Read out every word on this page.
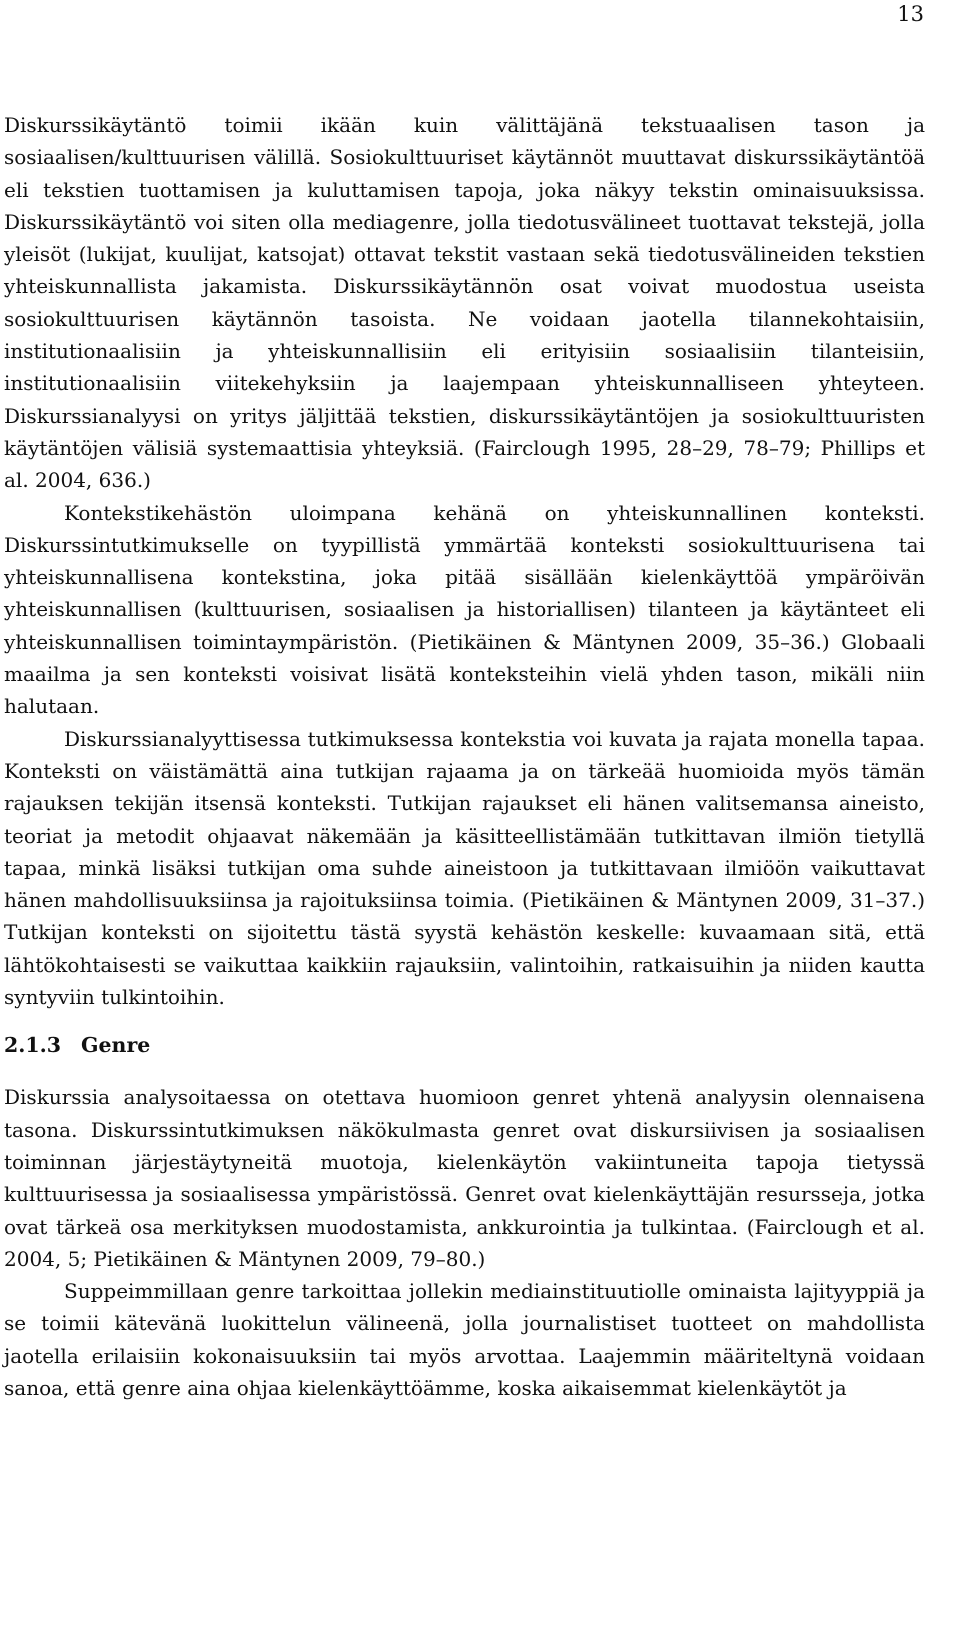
13

Diskurssikäytäntö toimii ikään kuin välittäjänä tekstuaalisen tason ja sosiaalisen/kulttuurisen välillä. Sosiokulttuuriset käytännöt muuttavat diskurssikäytäntöä eli tekstien tuottamisen ja kuluttamisen tapoja, joka näkyy tekstin ominaisuuksissa. Diskurssikäytäntö voi siten olla mediagenre, jolla tiedotusvälineet tuottavat tekstejä, jolla yleisöt (lukijat, kuulijat, katsojat) ottavat tekstit vastaan sekä tiedotusvälineiden tekstien yhteiskunnallista jakamista. Diskurssikäytännön osat voivat muodostua useista sosiokulttuurisen käytännön tasoista. Ne voidaan jaotella tilannekohtaisiin, institutionaalisiin ja yhteiskunnallisiin eli erityisiin sosiaalisiin tilanteisiin, institutionaalisiin viitekehyksiin ja laajempaan yhteiskunnalliseen yhteyteen. Diskurssianalyysi on yritys jäljittää tekstien, diskurssikäytäntöjen ja sosiokulttuuristen käytäntöjen välisiä systemaattisia yhteyksiä. (Fairclough 1995, 28–29, 78–79; Phillips et al. 2004, 636.)

Kontekstikehästön uloimpana kehänä on yhteiskunnallinen konteksti. Diskurssintutkimukselle on tyypillistä ymmärtää konteksti sosiokulttuurisena tai yhteiskunnallisena kontekstina, joka pitää sisällään kielenkäyttöä ympäröivän yhteiskunnallisen (kulttuurisen, sosiaalisen ja historiallisen) tilanteen ja käytänteet eli yhteiskunnallisen toimintaympäristön. (Pietikäinen & Mäntynen 2009, 35–36.) Globaali maailma ja sen konteksti voisivat lisätä konteksteihin vielä yhden tason, mikäli niin halutaan.

Diskurssianalyyttisessa tutkimuksessa kontekstia voi kuvata ja rajata monella tapaa. Konteksti on väistämättä aina tutkijan rajaama ja on tärkeää huomioida myös tämän rajauksen tekijän itsensä konteksti. Tutkijan rajaukset eli hänen valitsemansa aineisto, teoriat ja metodit ohjaavat näkemään ja käsitteellistämään tutkittavan ilmiön tietyllä tapaa, minkä lisäksi tutkijan oma suhde aineistoon ja tutkittavaan ilmiöön vaikuttavat hänen mahdollisuuksiinsa ja rajoituksiinsa toimia. (Pietikäinen & Mäntynen 2009, 31–37.) Tutkijan konteksti on sijoitettu tästä syystä kehästön keskelle: kuvaamaan sitä, että lähtökohtaisesti se vaikuttaa kaikkiin rajauksiin, valintoihin, ratkaisuihin ja niiden kautta syntyviin tulkintoihin.

2.1.3 Genre

Diskurssia analysoitaessa on otettava huomioon genret yhtenä analyysin olennaisena tasona. Diskurssintutkimuksen näkökulmasta genret ovat diskursiivisen ja sosiaalisen toiminnan järjestäytyneitä muotoja, kielenkäytön vakiintuneita tapoja tietyssä kulttuurisessa ja sosiaalisessa ympäristössä. Genret ovat kielenkäyttäjän resursseja, jotka ovat tärkeä osa merkityksen muodostamista, ankkurointia ja tulkintaa. (Fairclough et al. 2004, 5; Pietikäinen & Mäntynen 2009, 79–80.)

Suppeimmillaan genre tarkoittaa jollekin mediainstituutiolle ominaista lajityyppiä ja se toimii kätevänä luokittelun välineenä, jolla journalistiset tuotteet on mahdollista jaotella erilaisiin kokonaisuuksiin tai myös arvottaa. Laajemmin määriteltynä voidaan sanoa, että genre aina ohjaa kielenkäyttöämme, koska aikaisemmat kielenkäytöt ja
